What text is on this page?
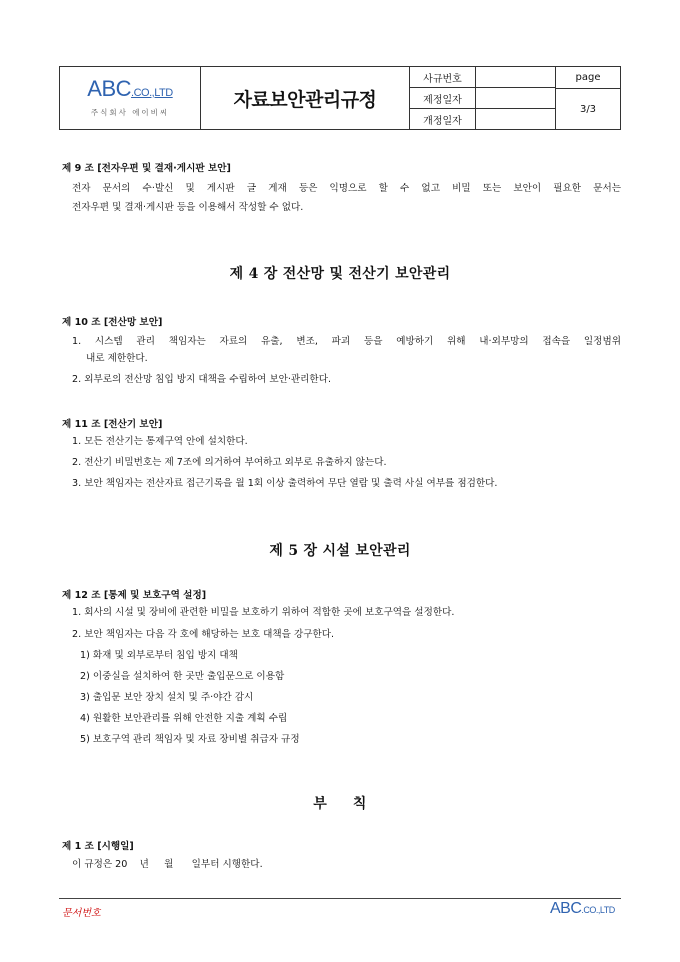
ABC.CO.,LTD
주식회사 에이비씨
자료보안관리규정
사규번호
제정일자
개정일자
page
3/3
제 9 조 [전자우편 및 결재·게시판 보안]
전자 문서의 수·발신 및 게시판 글 게재 등은 익명으로 할 수 없고 비밀 또는 보안이 필요한 문서는
전자우편 및 결재·게시판 등을 이용해서 작성할 수 없다.
제 4 장 전산망 및 전산기 보안관리
제 10 조 [전산망 보안]
1. 시스템 관리 책임자는 자료의 유출, 변조, 파괴 등을 예방하기 위해 내·외부망의 접속을 일정범위
내로 제한한다.
2. 외부로의 전산망 침입 방지 대책을 수립하여 보안·관리한다.
제 11 조 [전산기 보안]
1. 모든 전산기는 통제구역 안에 설치한다.
2. 전산기 비밀번호는 제 7조에 의거하여 부여하고 외부로 유출하지 않는다.
3. 보안 책임자는 전산자료 접근기록을 월 1회 이상 출력하여 무단 열람 및 출력 사실 여부를 점검한다.
제 5 장 시설 보안관리
제 12 조 [통제 및 보호구역 설정]
1. 회사의 시설 및 장비에 관련한 비밀을 보호하기 위하여 적합한 곳에 보호구역을 설정한다.
2. 보안 책임자는 다음 각 호에 해당하는 보호 대책을 강구한다.
1) 화재 및 외부로부터 침입 방지 대책
2) 이중실을 설치하여 한 곳만 출입문으로 이용함
3) 출입문 보안 장치 설치 및 주·야간 감시
4) 원활한 보안관리를 위해 안전한 지출 계획 수립
5) 보호구역 관리 책임자 및 자료 장비별 취급자 규정
부     칙
제 1 조 [시행일]
이 규정은 20    년     월      일부터 시행한다.
문서번호	ABC.CO.,LTD
